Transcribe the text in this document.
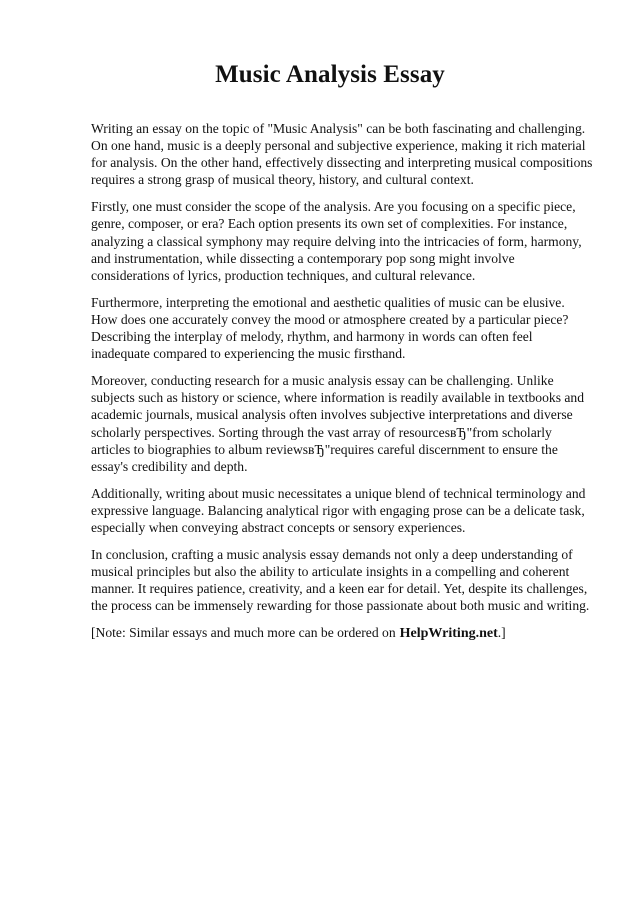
Music Analysis Essay

Writing an essay on the topic of "Music Analysis" can be both fascinating and challenging. On one hand, music is a deeply personal and subjective experience, making it rich material for analysis. On the other hand, effectively dissecting and interpreting musical compositions requires a strong grasp of musical theory, history, and cultural context.

Firstly, one must consider the scope of the analysis. Are you focusing on a specific piece, genre, composer, or era? Each option presents its own set of complexities. For instance, analyzing a classical symphony may require delving into the intricacies of form, harmony, and instrumentation, while dissecting a contemporary pop song might involve considerations of lyrics, production techniques, and cultural relevance.

Furthermore, interpreting the emotional and aesthetic qualities of music can be elusive. How does one accurately convey the mood or atmosphere created by a particular piece? Describing the interplay of melody, rhythm, and harmony in words can often feel inadequate compared to experiencing the music firsthand.

Moreover, conducting research for a music analysis essay can be challenging. Unlike subjects such as history or science, where information is readily available in textbooks and academic journals, musical analysis often involves subjective interpretations and diverse scholarly perspectives. Sorting through the vast array of resourcesвЂ"from scholarly articles to biographies to album reviewsвЂ"requires careful discernment to ensure the essay's credibility and depth.

Additionally, writing about music necessitates a unique blend of technical terminology and expressive language. Balancing analytical rigor with engaging prose can be a delicate task, especially when conveying abstract concepts or sensory experiences.

In conclusion, crafting a music analysis essay demands not only a deep understanding of musical principles but also the ability to articulate insights in a compelling and coherent manner. It requires patience, creativity, and a keen ear for detail. Yet, despite its challenges, the process can be immensely rewarding for those passionate about both music and writing.

[Note: Similar essays and much more can be ordered on HelpWriting.net.]
